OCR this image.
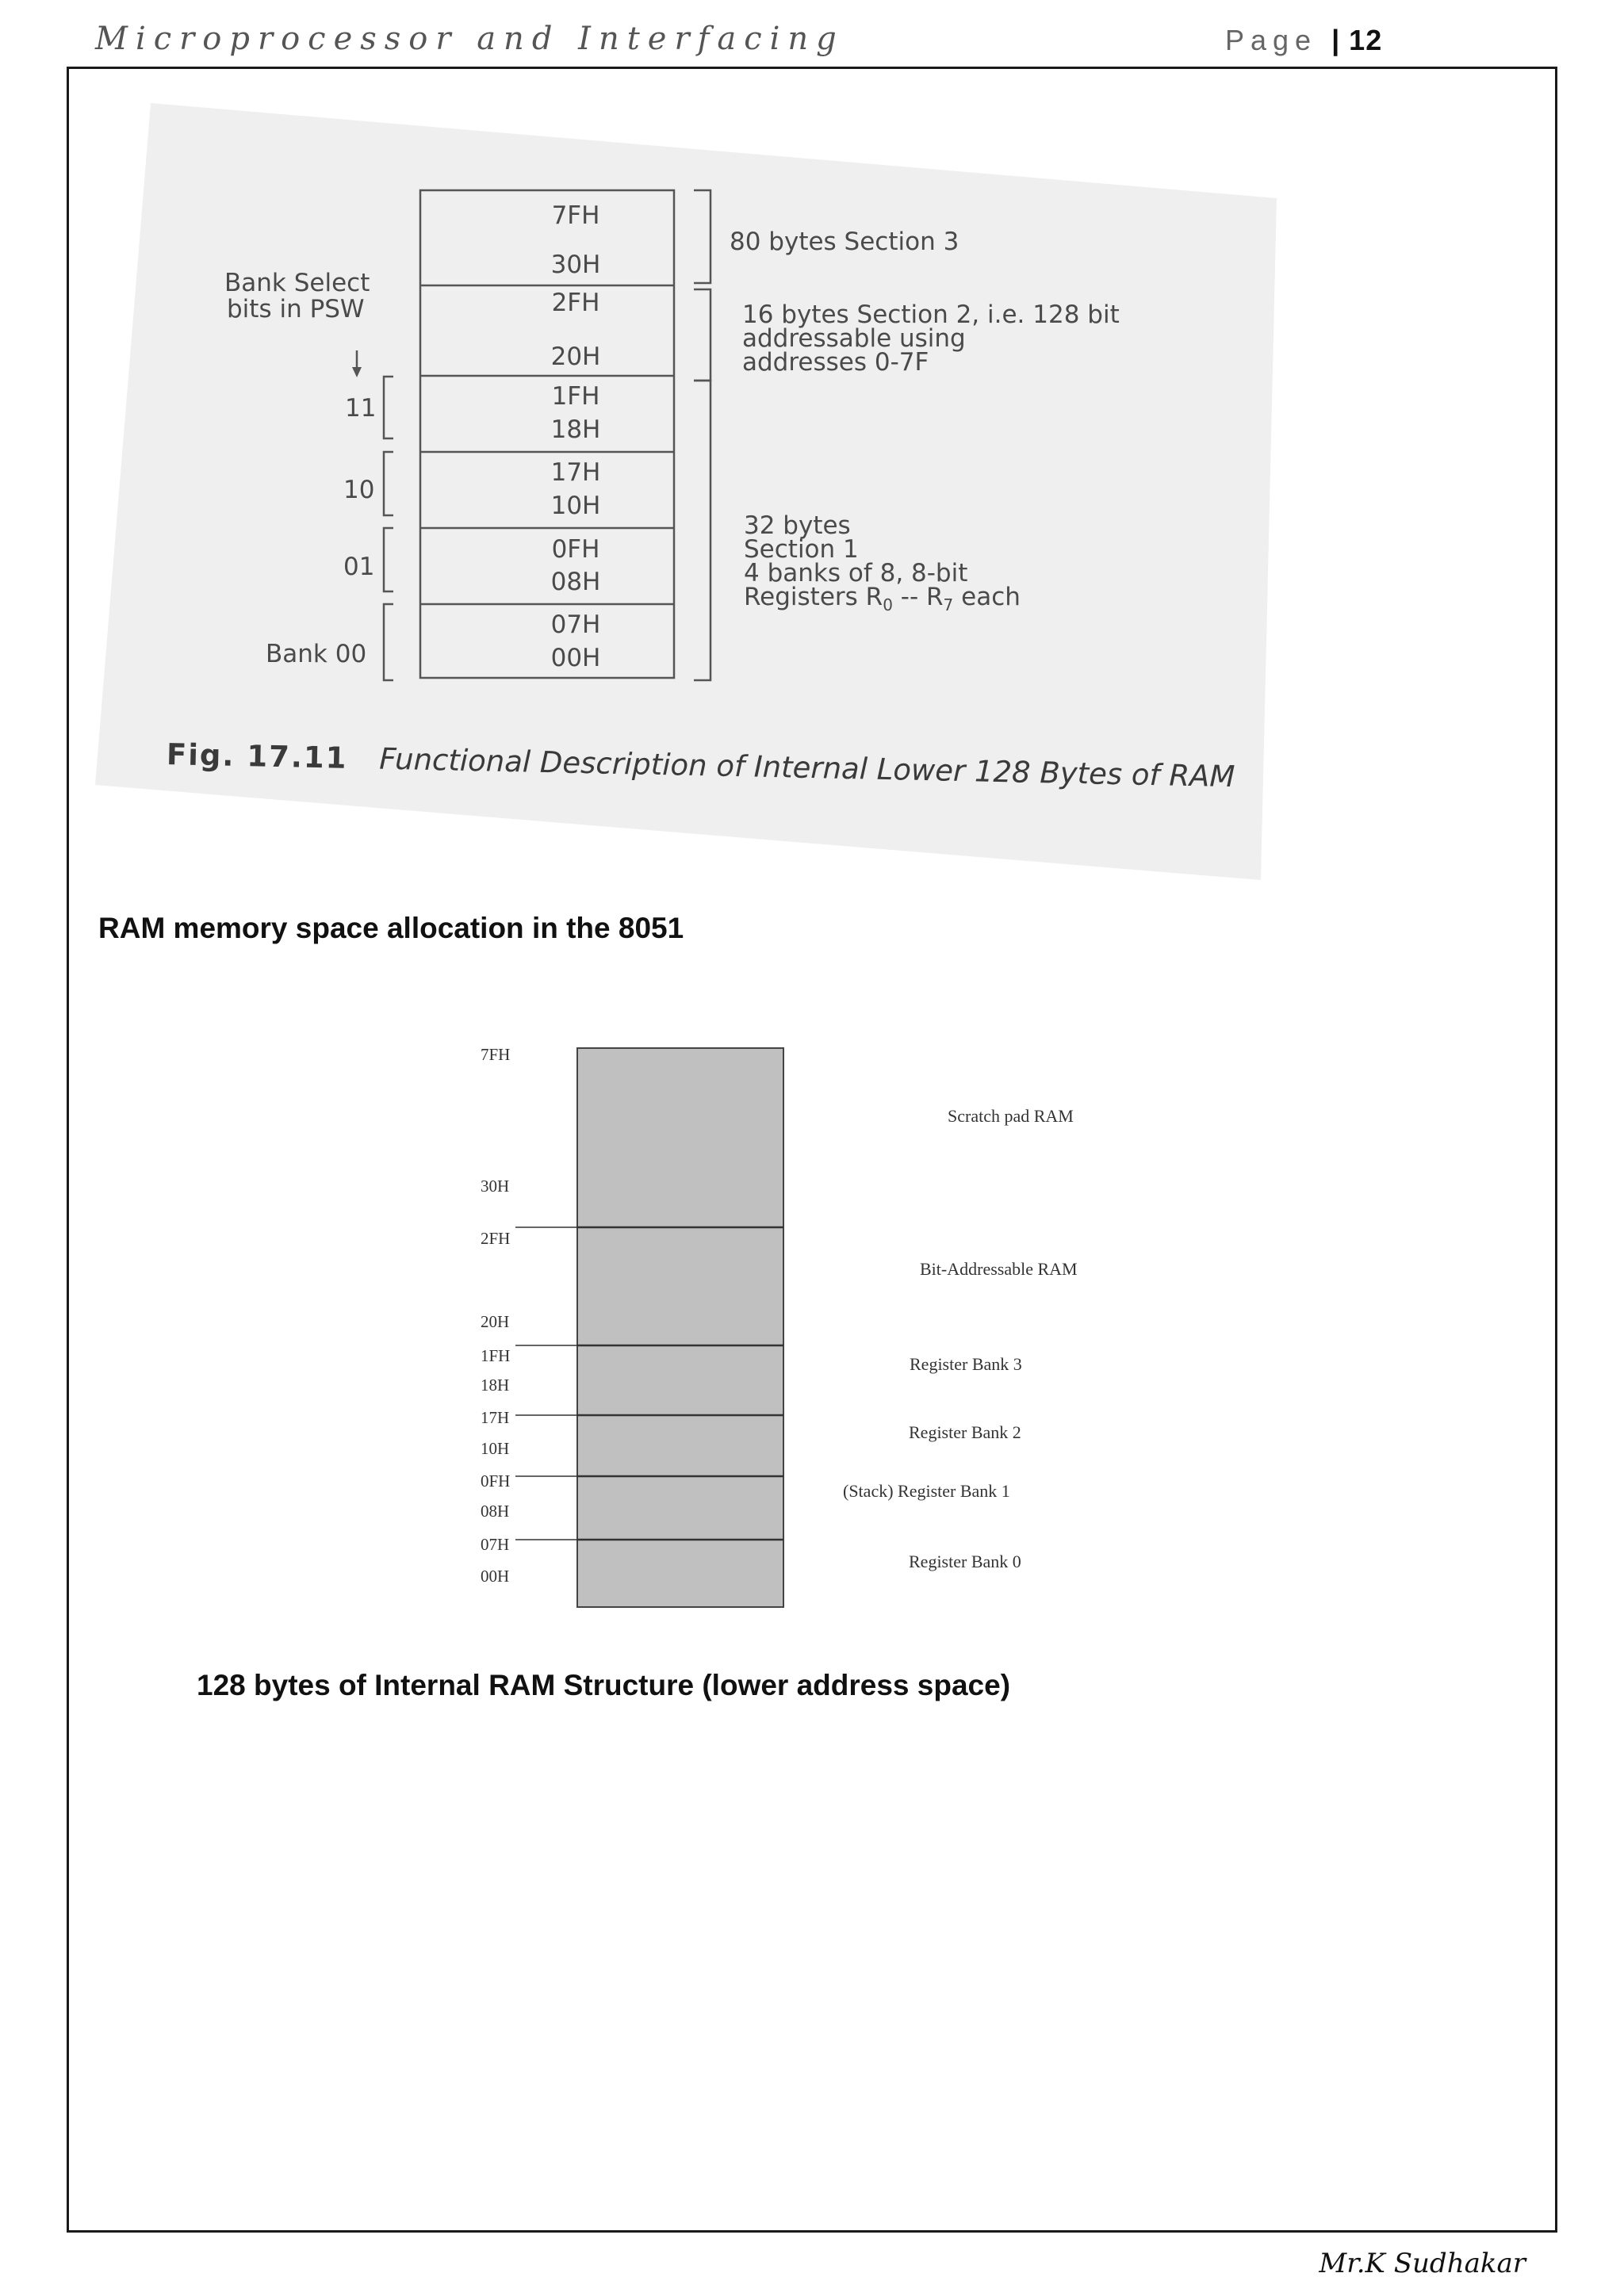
Microprocessor and Interfacing	Page | 12
Bank Select
bits in PSW
7FH
30H
2FH
20H
1FH
18H
17H
10H
0FH
08H
07H
00H
11
10
01
Bank 00
80 bytes Section 3
16 bytes Section 2, i.e. 128 bit
addressable using
addresses 0-7F
32 bytes
Section 1
4 banks of 8, 8-bit
Registers $R_0 -- R_7$ each
Fig. 17.11 Functional Description of Internal Lower 128 Bytes of RAM
RAM memory space allocation in the 8051
7FH
30H
2FH
20H
1FH
18H
17H
10H
0FH
08H
07H
00H
Scratch pad RAM
Bit-Addressable RAM
Register Bank 3
Register Bank 2
(Stack) Register Bank 1
Register Bank 0
128 bytes of Internal RAM Structure (lower address space)
Mr.K Sudhakar
